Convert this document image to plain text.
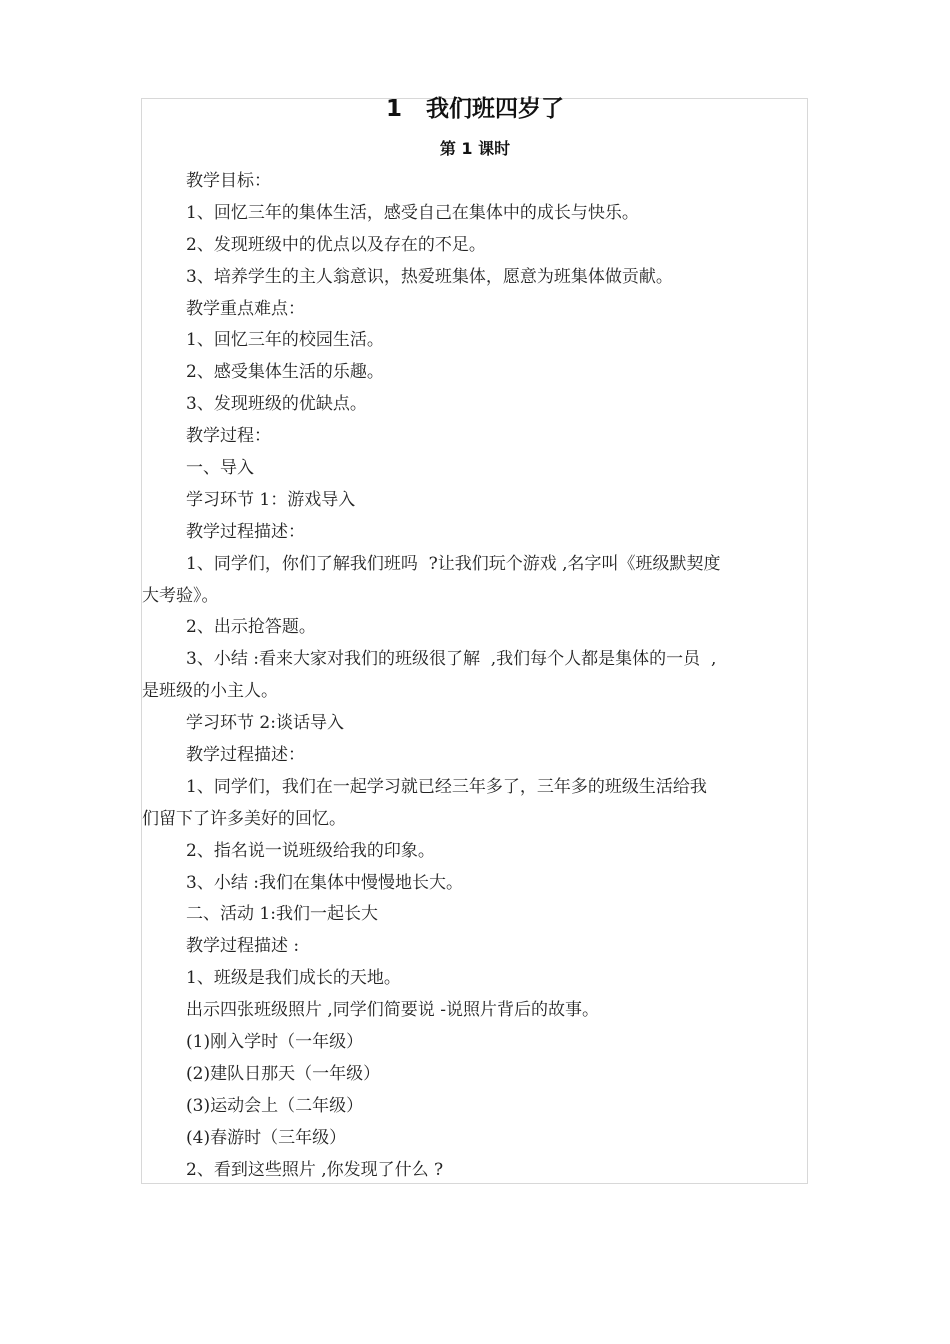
1   我们班四岁了
第 1 课时
教学目标：
1、回忆三年的集体生活，感受自己在集体中的成长与快乐。
2、发现班级中的优点以及存在的不足。
3、培养学生的主人翁意识，热爱班集体，愿意为班集体做贡献。
教学重点难点：
1、回忆三年的校园生活。
2、感受集体生活的乐趣。
3、发现班级的优缺点。
教学过程：
一、导入
学习环节 1：游戏导入
教学过程描述：
1、同学们，你们了解我们班吗  ?让我们玩个游戏 ,名字叫《班级默契度
大考验》。
2、出示抢答题。
3、小结 :看来大家对我们的班级很了解  ,我们每个人都是集体的一员  ,
是班级的小主人。
学习环节 2:谈话导入
教学过程描述：
1、同学们，我们在一起学习就已经三年多了，三年多的班级生活给我
们留下了许多美好的回忆。
2、指名说一说班级给我的印象。
3、小结 :我们在集体中慢慢地长大。
二、活动 1:我们一起长大
教学过程描述 :
1、班级是我们成长的天地。
出示四张班级照片 ,同学们简要说 -说照片背后的故事。
(1)刚入学时（一年级）
(2)建队日那天（一年级）
(3)运动会上（二年级）
(4)春游时（三年级）
2、看到这些照片 ,你发现了什么 ?
